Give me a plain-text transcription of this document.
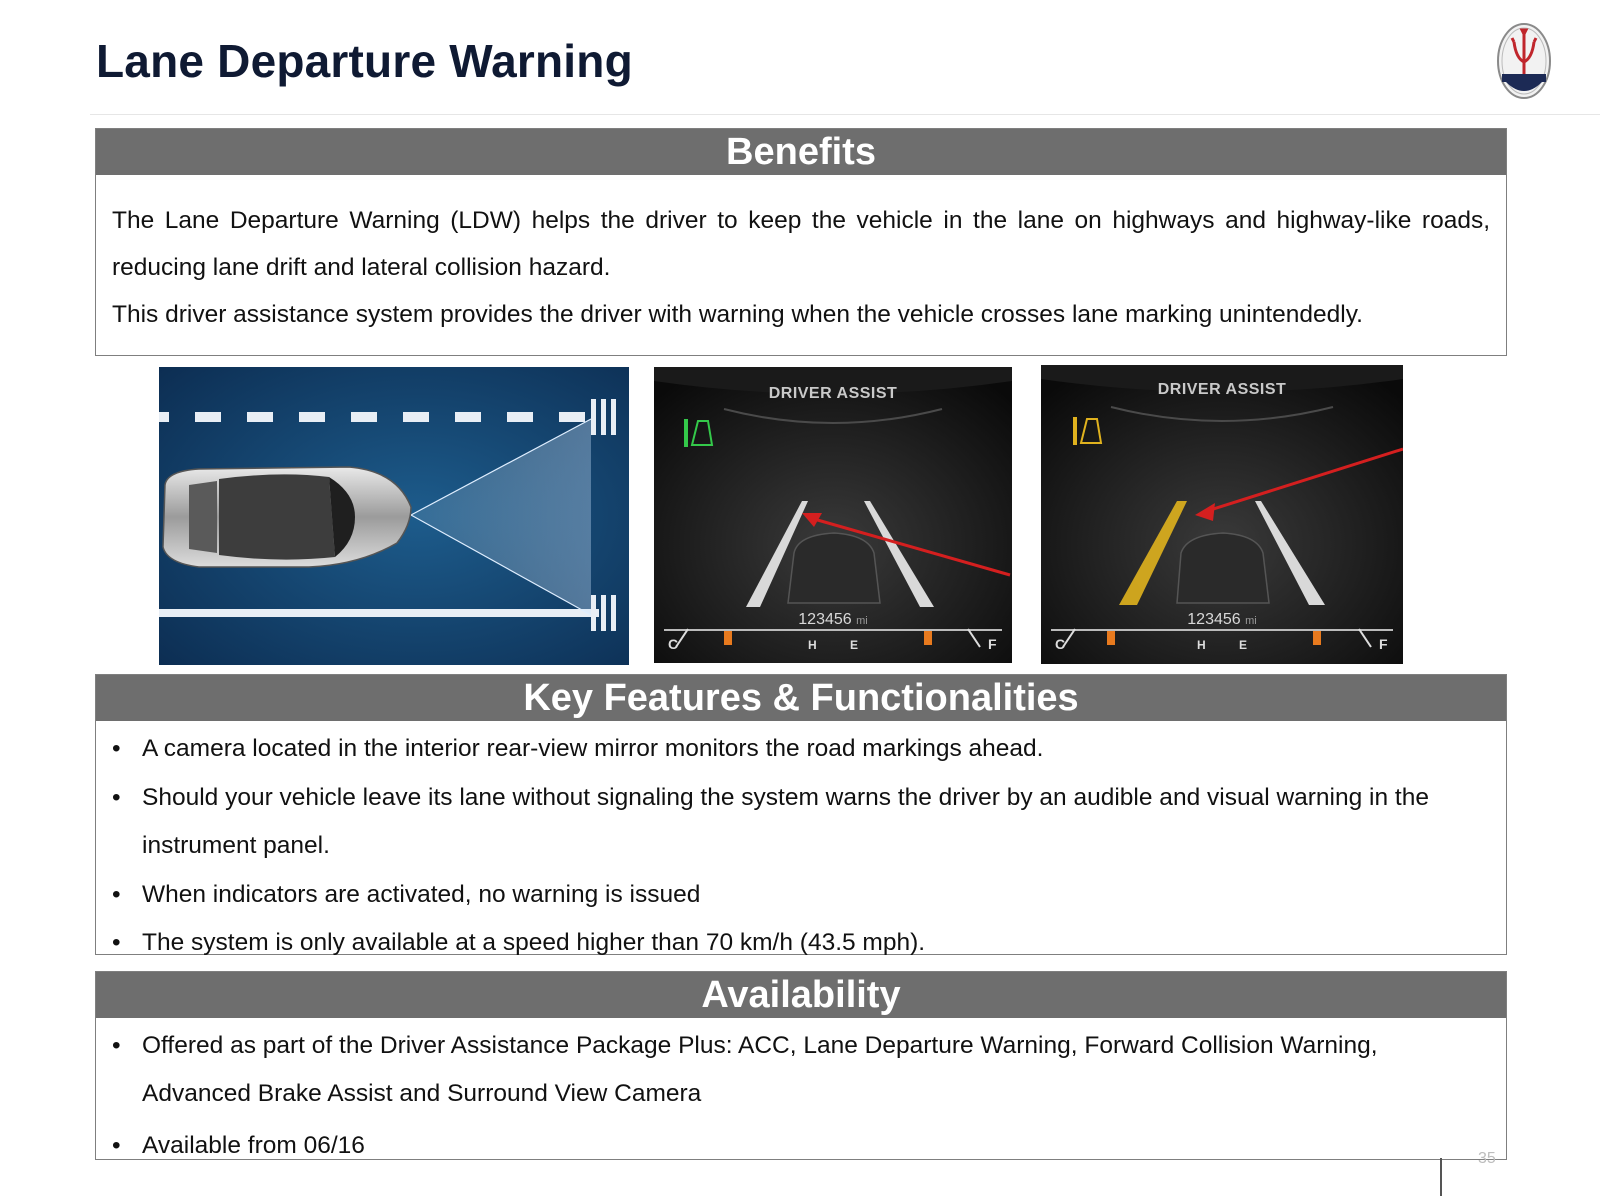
Lane Departure Warning
Benefits

The Lane Departure Warning (LDW) helps the driver to keep the vehicle in the lane on highways and highway-like roads, reducing lane drift and lateral collision hazard.

This driver assistance system provides the driver with warning when the vehicle crosses lane marking unintendedly.

C	H	E	F
DRIVER ASSIST
123456 mi
C	H	E	F
DRIVER ASSIST
123456 mi
Key Features & Functionalities
• A camera located in the interior rear-view mirror monitors the road markings ahead.
• Should your vehicle leave its lane without signaling the system warns the driver by an audible and visual warning in the instrument panel.
• When indicators are activated, no warning is issued
• The system is only available at a speed higher than 70 km/h (43.5 mph).
Availability
• Offered as part of the Driver Assistance Package Plus: ACC, Lane Departure Warning, Forward Collision Warning, Advanced Brake Assist and Surround View Camera
• Available from 06/16	35
